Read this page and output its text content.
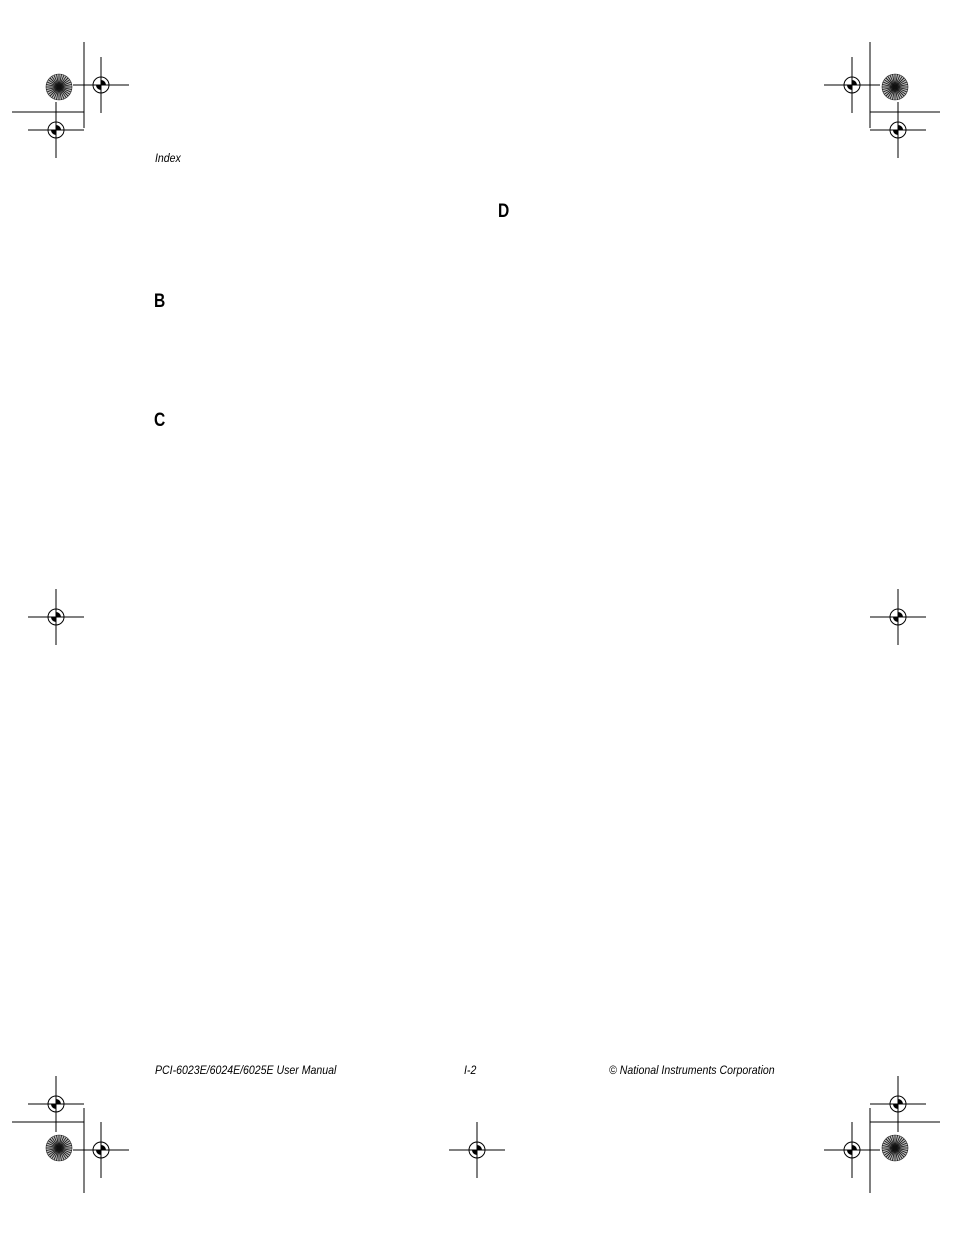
Index
D
B
C
PCI-6023E/6024E/6025E User Manual	I-2	© National Instruments Corporation
